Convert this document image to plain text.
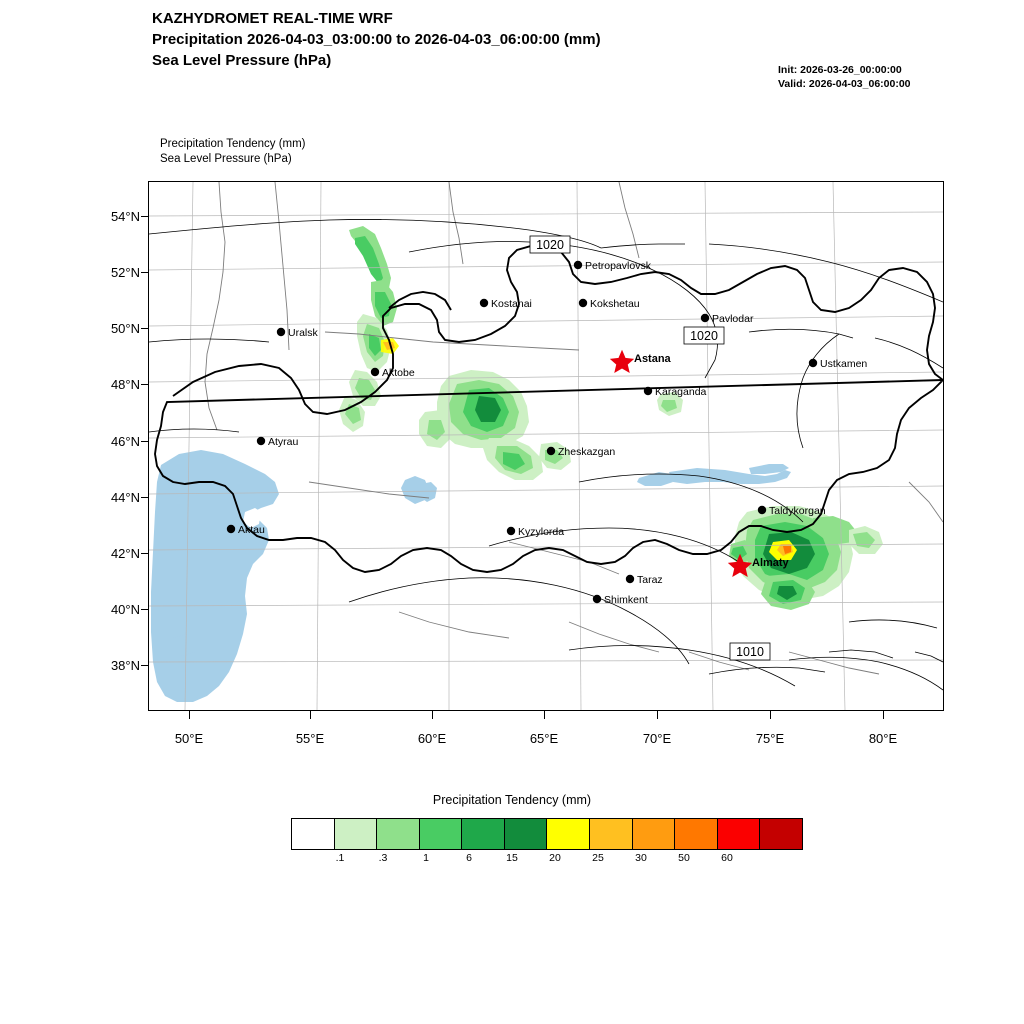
KAZHYDROMET REAL-TIME WRF
Precipitation 2026-04-03_03:00:00 to 2026-04-03_06:00:00 (mm)
Sea Level Pressure (hPa)
Init: 2026-03-26_00:00:00
Valid: 2026-04-03_06:00:00
Precipitation Tendency (mm)
Sea Level Pressure (hPa)
1020
1020
1010
Uralsk
Aktobe
Atyrau
Aktau
Kostanai
Petropavlovsk
Kokshetau
Pavlodar
Ustkamen
Karaganda
Zheskazgan
Kyzylorda
Taldykorgan
Taraz
Shimkent
Astana
Almaty
54°N
52°N
50°N
48°N
46°N
44°N
42°N
40°N
38°N
50°E	55°E	60°E	65°E	70°E	75°E	80°E
Precipitation Tendency (mm)
.1	.3	1	6	15	20	25	30	50	60
